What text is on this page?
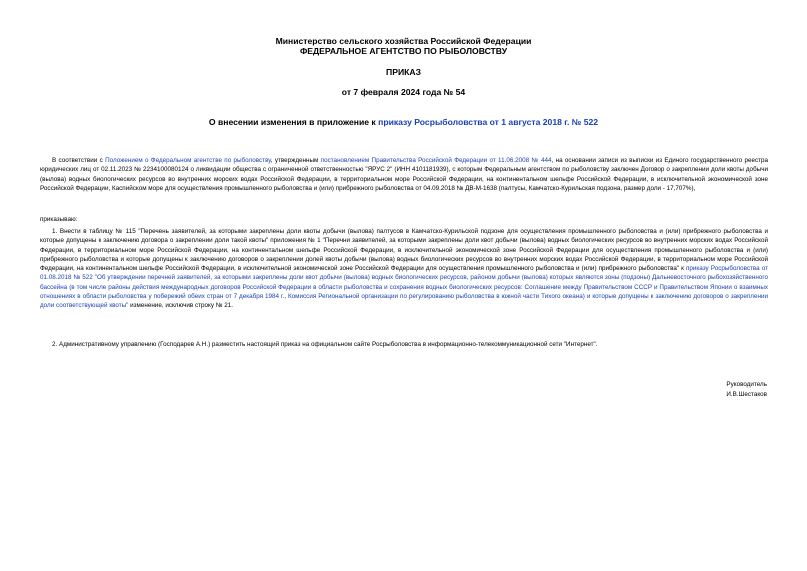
Министерство сельского хозяйства Российской Федерации
ФЕДЕРАЛЬНОЕ АГЕНТСТВО ПО РЫБОЛОВСТВУ
ПРИКАЗ
от 7 февраля 2024 года № 54
О внесении изменения в приложение к приказу Росрыболовства от 1 августа 2018 г. № 522

В соответствии с Положением о Федеральном агентстве по рыболовству, утвержденным постановлением Правительства Российской Федерации от 11.06.2008 № 444, на основании записи из выписки из Единого государственного реестра юридических лиц от 02.11.2023 № 2234100080124 о ликвидации общества с ограниченной ответственностью "ЯРУС 2" (ИНН 4101181939), с которым Федеральным агентством по рыболовству заключен Договор о закреплении доли квоты добычи (вылова) водных биологических ресурсов во внутренних морских водах Российской Федерации, в территориальном море Российской Федерации, на континентальном шельфе Российской Федерации, в исключительной экономической зоне Российской Федерации, Каспийском море для осуществления промышленного рыболовства и (или) прибрежного рыболовства от 04.09.2018 № ДВ-М-1638 (палтусы, Камчатско-Курильская подзона, размер доли - 17,707%),

приказываю:

1. Внести в таблицу № 115 "Перечень заявителей, за которыми закреплены доли квоты добычи (вылова) палтусов в Камчатско-Курильской подзоне для осуществления промышленного рыболовства и (или) прибрежного рыболовства и которые допущены к заключению договора о закреплении доли такой квоты" приложения № 1 "Перечни заявителей, за которыми закреплены доли квот добычи (вылова) водных биологических ресурсов во внутренних морских водах Российской Федерации, в территориальном море Российской Федерации, на континентальном шельфе Российской Федерации, в исключительной экономической зоне Российской Федерации для осуществления промышленного рыболовства и (или) прибрежного рыболовства и которые допущены к заключению договоров о закреплении долей квоты добычи (вылова) водных биологических ресурсов во внутренних морских водах Российской Федерации, в территориальном море Российской Федерации, на континентальном шельфе Российской Федерации, в исключительной экономической зоне Российской Федерации для осуществления промышленного рыболовства и (или) прибрежного рыболовства" к приказу Росрыболовства от 01.08.2018 № 522 "Об утверждении перечней заявителей, за которыми закреплены доли квот добычи (вылова) водных биологических ресурсов, районом добычи (вылова) которых являются зоны (подзоны) Дальневосточного рыбохозяйственного бассейна (в том числе районы действия международных договоров Российской Федерации в области рыболовства и сохранения водных биологических ресурсов: Соглашение между Правительством СССР и Правительством Японии о взаимных отношениях в области рыболовства у побережий обеих стран от 7 декабря 1984 г., Комиссия Региональной организации по регулированию рыболовства в южной части Тихого океана) и которые допущены к заключению договоров о закреплении доли соответствующей квоты" изменение, исключив строку № 21.

2. Административному управлению (Господарев А.Н.) разместить настоящий приказ на официальном сайте Росрыболовства в информационно-телекоммуникационной сети "Интернет".

Руководитель
И.В.Шестаков
